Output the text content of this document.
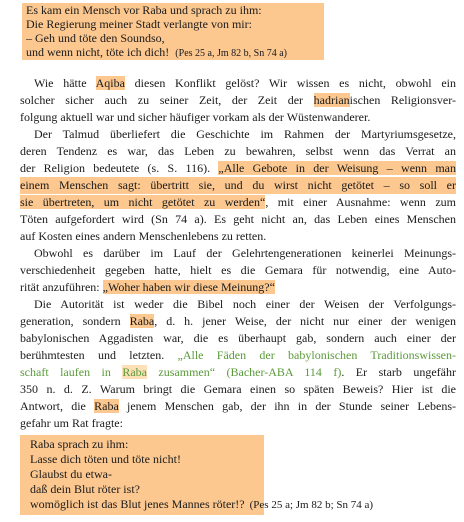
Es kam ein Mensch vor Raba und sprach zu ihm:
Die Regierung meiner Stadt verlangte von mir:
– Geh und töte den Soundso,
und wenn nicht, töte ich dich! (Pes 25 a, Jm 82 b, Sn 74 a)
Wie hätte Aqiba diesen Konflikt gelöst? Wir wissen es nicht, obwohl ein
solcher sicher auch zu seiner Zeit, der Zeit der hadrianischen Religionsver-
folgung aktuell war und sicher häufiger vorkam als der Wüstenwanderer.
Der Talmud überliefert die Geschichte im Rahmen der Martyriumsgesetze,
deren Tendenz es war, das Leben zu bewahren, selbst wenn das Verrat an
der Religion bedeutete (s. S. 116). „Alle Gebote in der Weisung – wenn man
einem Menschen sagt: übertritt sie, und du wirst nicht getötet – so soll er
sie übertreten, um nicht getötet zu werden“, mit einer Ausnahme: wenn zum
Töten aufgefordert wird (Sn 74 a). Es geht nicht an, das Leben eines Menschen
auf Kosten eines andern Menschenlebens zu retten.
Obwohl es darüber im Lauf der Gelehrtengenerationen keinerlei Meinungs-
verschiedenheit gegeben hatte, hielt es die Gemara für notwendig, eine Auto-
rität anzuführen: „Woher haben wir diese Meinung?“
Die Autorität ist weder die Bibel noch einer der Weisen der Verfolgungs-
generation, sondern Raba, d. h. jener Weise, der nicht nur einer der wenigen
babylonischen Aggadisten war, die es überhaupt gab, sondern auch einer der
berühmtesten und letzten. „Alle Fäden der babylonischen Traditionswissen-
schaft laufen in Raba zusammen“ (Bacher-ABA 114 f). Er starb ungefähr
350 n. d. Z. Warum bringt die Gemara einen so späten Beweis? Hier ist die
Antwort, die Raba jenem Menschen gab, der ihn in der Stunde seiner Lebens-
gefahr um Rat fragte:
Raba sprach zu ihm:
Lasse dich töten und töte nicht!
Glaubst du etwa-
daß dein Blut röter ist?
womöglich ist das Blut jenes Mannes röter!? (Pes 25 a; Jm 82 b; Sn 74 a)
